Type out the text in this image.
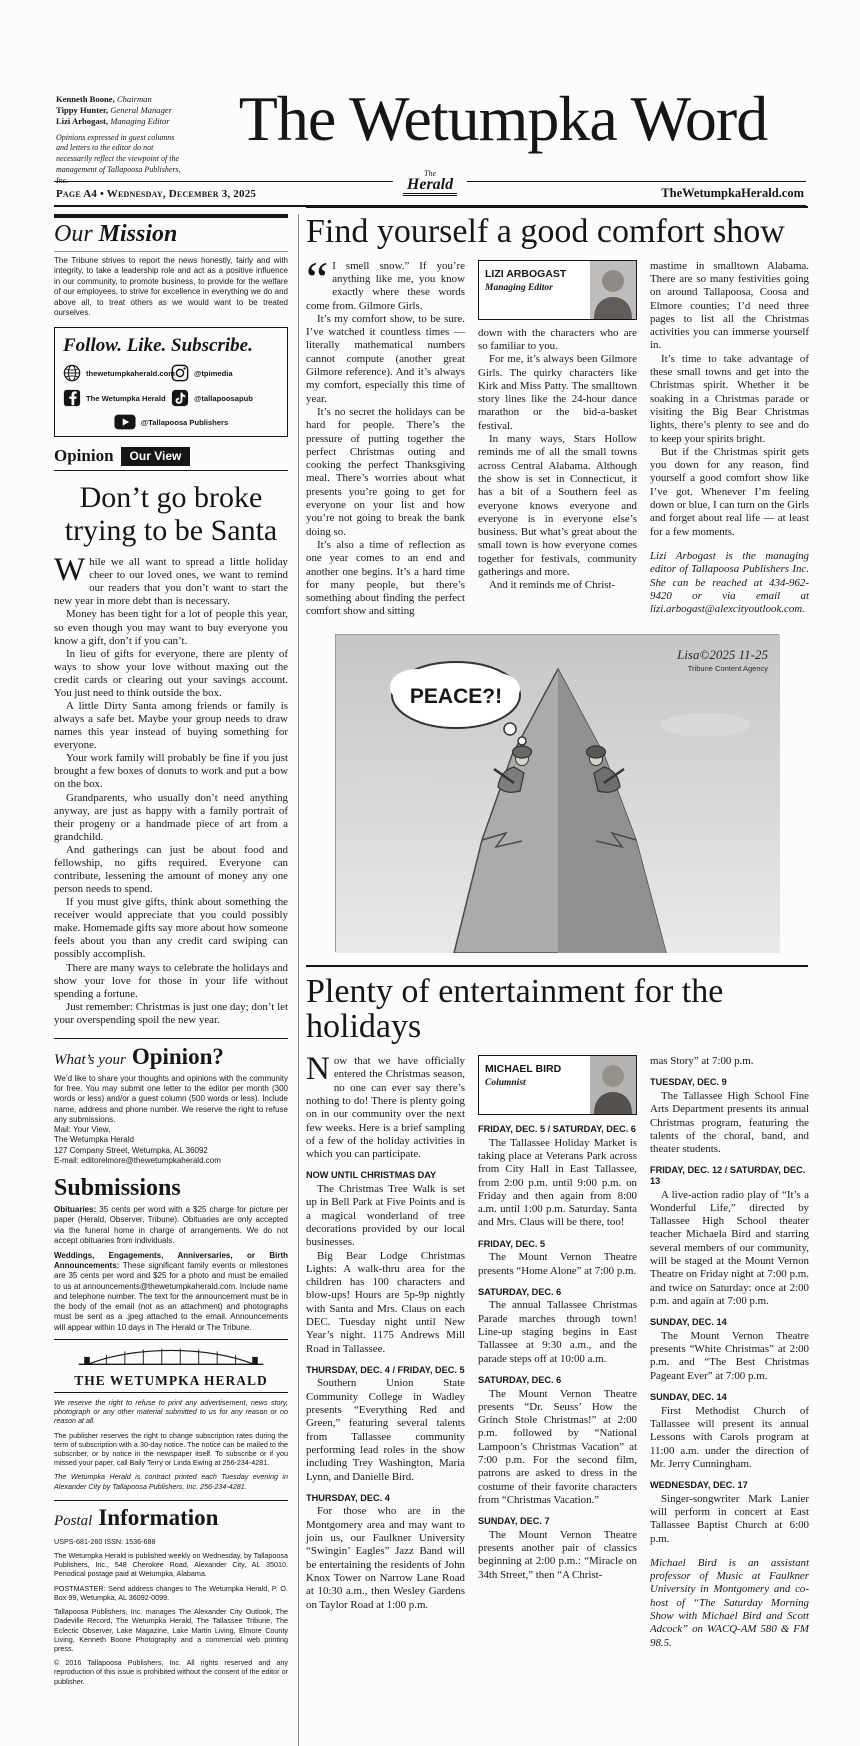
Kenneth Boone, Chairman
Tippy Hunter, General Manager
Lizi Arbogast, Managing Editor
Opinions expressed in guest columns and letters to the editor do not necessarily reflect the viewpoint of the management of Tallapoosa Publishers, Inc.
The Wetumpka Word
Page A4 • Wednesday, December 3, 2025
The
Herald	TheWetumpkaHerald.com
Our Mission

The Tribune strives to report the news honestly, fairly and with integrity, to take a leadership role and act as a positive influence in our community, to promote business, to provide for the welfare of our employees, to strive for excellence in everything we do and above all, to treat others as we would want to be treated ourselves.

Follow. Like. Subscribe.
thewetumpkaherald.com @tpimedia
The Wetumpka Herald	@tallapoosapub
@Tallapoosa Publishers
Opinion	Our View
Don’t go broke trying to be Santa

While we all want to spread a little holiday cheer to our loved ones, we want to remind our readers that you don’t want to start the new year in more debt than is necessary.

Money has been tight for a lot of people this year, so even though you may want to buy everyone you know a gift, don’t if you can’t.

In lieu of gifts for everyone, there are plenty of ways to show your love without maxing out the credit cards or clearing out your savings account. You just need to think outside the box.

A little Dirty Santa among friends or family is always a safe bet. Maybe your group needs to draw names this year instead of buying something for everyone.

Your work family will probably be fine if you just brought a few boxes of donuts to work and put a bow on the box.

Grandparents, who usually don’t need anything anyway, are just as happy with a family portrait of their progeny or a handmade piece of art from a grandchild.

And gatherings can just be about food and fellowship, no gifts required. Everyone can contribute, lessening the amount of money any one person needs to spend.

If you must give gifts, think about something the receiver would appreciate that you could possibly make. Homemade gifts say more about how someone feels about you than any credit card swiping can possibly accomplish.

There are many ways to celebrate the holidays and show your love for those in your life without spending a fortune.

Just remember: Christmas is just one day; don’t let your overspending spoil the new year.

What’s your Opinion?

We’d like to share your thoughts and opinions with the community for free. You may submit one letter to the editor per month (300 words or less) and/or a guest column (500 words or less). Include name, address and phone number. We reserve the right to refuse any submissions.

Mail: Your View,

The Wetumpka Herald

127 Company Street, Wetumpka, AL 36092

E-mail: editorelmore@thewetumpkaherald.com

Submissions

Obituaries: 35 cents per word with a $25 charge for picture per paper (Herald, Observer, Tribune). Obituaries are only accepted via the funeral home in charge of arrangements. We do not accept obituaries from individuals.

Weddings, Engagements, Anniversaries, or Birth Announcements: These significant family events or milestones are 35 cents per word and $25 for a photo and must be emailed to us at announcements@thewetumpkaherald.com. Include name and telephone number. The text for the announcement must be in the body of the email (not as an attachment) and photographs must be sent as a .jpeg attached to the email. Announcements will appear within 10 days in The Herald or The Tribune.

THE WETUMPKA HERALD

We reserve the right to refuse to print any advertisement, news story, photograph or any other material submitted to us for any reason or no reason at all.

The publisher reserves the right to change subscription rates during the term of subscription with a 30-day notice. The notice can be mailed to the subscriber, or by notice in the newspaper itself. To subscribe or if you missed your paper, call Baily Terry or Linda Ewing at 256-234-4281.

The Wetumpka Herald is contract printed each Tuesday evening in Alexander City by Tallapoosa Publishers, Inc. 256-234-4281.

Postal Information

USPS-681-260 ISSN: 1536-688

The Wetumpka Herald is published weekly on Wednesday, by Tallapoosa Publishers, Inc., 548 Cherokee Road, Alexander City, AL 35010. Periodical postage paid at Wetumpka, Alabama.

POSTMASTER: Send address changes to The Wetumpka Herald, P. O. Box 99, Wetumpka, AL 36092-0099.

Tallapoosa Publishers, Inc. manages The Alexander City Outlook, The Dadeville Record, The Wetumpka Herald, The Tallassee Tribune, The Eclectic Observer, Lake Magazine, Lake Martin Living, Elmore County Living, Kenneth Boone Photography and a commercial web printing press.

© 2016 Tallapoosa Publishers, Inc. All rights reserved and any reproduction of this issue is prohibited without the consent of the editor or publisher.

Find yourself a good comfort show

“ I smell snow.” If you’re anything like me, you know exactly where these words come from. Gilmore Girls.

It’s my comfort show, to be sure. I’ve watched it countless times — literally mathematical numbers cannot compute (another great Gilmore reference). And it’s always my comfort, especially this time of year.

It’s no secret the holidays can be hard for people. There’s the pressure of putting together the perfect Christmas outing and cooking the perfect Thanksgiving meal. There’s worries about what presents you’re going to get for everyone on your list and how you’re not going to break the bank doing so.

It’s also a time of reflection as one year comes to an end and another one begins. It’s a hard time for many people, but there’s something about finding the perfect comfort show and sitting

LIZI ARBOGAST
Managing Editor

down with the characters who are so familiar to you.

For me, it’s always been Gilmore Girls. The quirky characters like Kirk and Miss Patty. The smalltown story lines like the 24-hour dance marathon or the bid-a-basket festival.

In many ways, Stars Hollow reminds me of all the small towns across Central Alabama. Although the show is set in Connecticut, it has a bit of a Southern feel as everyone knows everyone and everyone is in everyone else’s business. But what’s great about the small town is how everyone comes together for festivals, community gatherings and more.

And it reminds me of Christ-

mastime in smalltown Alabama. There are so many festivities going on around Tallapoosa, Coosa and Elmore counties; I’d need three pages to list all the Christmas activities you can immerse yourself in.

It’s time to take advantage of these small towns and get into the Christmas spirit. Whether it be soaking in a Christmas parade or visiting the Big Bear Christmas lights, there’s plenty to see and do to keep your spirits bright.

But if the Christmas spirit gets you down for any reason, find yourself a good comfort show like I’ve got. Whenever I’m feeling down or blue, I can turn on the Girls and forget about real life — at least for a few moments.

Lizi Arbogast is the managing editor of Tallapoosa Publishers Inc. She can be reached at 434-962-9420 or via email at lizi.arbogast@alexcityoutlook.com.

PEACE?!
Lisa©2025 11-25
Tribune Content Agency
Plenty of entertainment for the holidays

Now that we have officially entered the Christmas season, no one can ever say there’s nothing to do! There is plenty going on in our community over the next few weeks. Here is a brief sampling of a few of the holiday activities in which you can participate.

NOW UNTIL CHRISTMAS DAY

The Christmas Tree Walk is set up in Bell Park at Five Points and is a magical wonderland of tree decorations provided by our local businesses.

Big Bear Lodge Christmas Lights: A walk-thru area for the children has 100 characters and blow-ups! Hours are 5p-9p nightly with Santa and Mrs. Claus on each DEC. Tuesday night until New Year’s night. 1175 Andrews Mill Road in Tallassee.

THURSDAY, DEC. 4 / FRIDAY, DEC. 5

Southern Union State Community College in Wadley presents “Everything Red and Green,” featuring several talents from Tallassee community performing lead roles in the show including Trey Washington, Maria Lynn, and Danielle Bird.

THURSDAY, DEC. 4

For those who are in the Montgomery area and may want to join us, our Faulkner University “Swingin’ Eagles” Jazz Band will be entertaining the residents of John Knox Tower on Narrow Lane Road at 10:30 a.m., then Wesley Gardens on Taylor Road at 1:00 p.m.

MICHAEL BIRD
Columnist
FRIDAY, DEC. 5 / SATURDAY, DEC. 6

The Tallassee Holiday Market is taking place at Veterans Park across from City Hall in East Tallassee, from 2:00 p.m. until 9:00 p.m. on Friday and then again from 8:00 a.m. until 1:00 p.m. Saturday. Santa and Mrs. Claus will be there, too!

FRIDAY, DEC. 5

The Mount Vernon Theatre presents “Home Alone” at 7:00 p.m.

SATURDAY, DEC. 6

The annual Tallassee Christmas Parade marches through town! Line-up staging begins in East Tallassee at 9:30 a.m., and the parade steps off at 10:00 a.m.

SATURDAY, DEC. 6

The Mount Vernon Theatre presents “Dr. Seuss’ How the Grinch Stole Christmas!” at 2:00 p.m. followed by “National Lampoon’s Christmas Vacation” at 7:00 p.m. For the second film, patrons are asked to dress in the costume of their favorite characters from “Christmas Vacation.”

SUNDAY, DEC. 7

The Mount Vernon Theatre presents another pair of classics beginning at 2:00 p.m.: “Miracle on 34th Street,” then “A Christ-

mas Story” at 7:00 p.m.

TUESDAY, DEC. 9

The Tallassee High School Fine Arts Department presents its annual Christmas program, featuring the talents of the choral, band, and theater students.

FRIDAY, DEC. 12 / SATURDAY, DEC. 13

A live-action radio play of “It’s a Wonderful Life,” directed by Tallassee High School theater teacher Michaela Bird and starring several members of our community, will be staged at the Mount Vernon Theatre on Friday night at 7:00 p.m. and twice on Saturday: once at 2:00 p.m. and again at 7:00 p.m.

SUNDAY, DEC. 14

The Mount Vernon Theatre presents “White Christmas” at 2:00 p.m. and “The Best Christmas Pageant Ever” at 7:00 p.m.

SUNDAY, DEC. 14

First Methodist Church of Tallassee will present its annual Lessons with Carols program at 11:00 a.m. under the direction of Mr. Jerry Cunningham.

WEDNESDAY, DEC. 17

Singer-songwriter Mark Lanier will perform in concert at East Tallassee Baptist Church at 6:00 p.m.

Michael Bird is an assistant professor of Music at Faulkner University in Montgomery and co-host of “The Saturday Morning Show with Michael Bird and Scott Adcock” on WACQ-AM 580 & FM 98.5.
